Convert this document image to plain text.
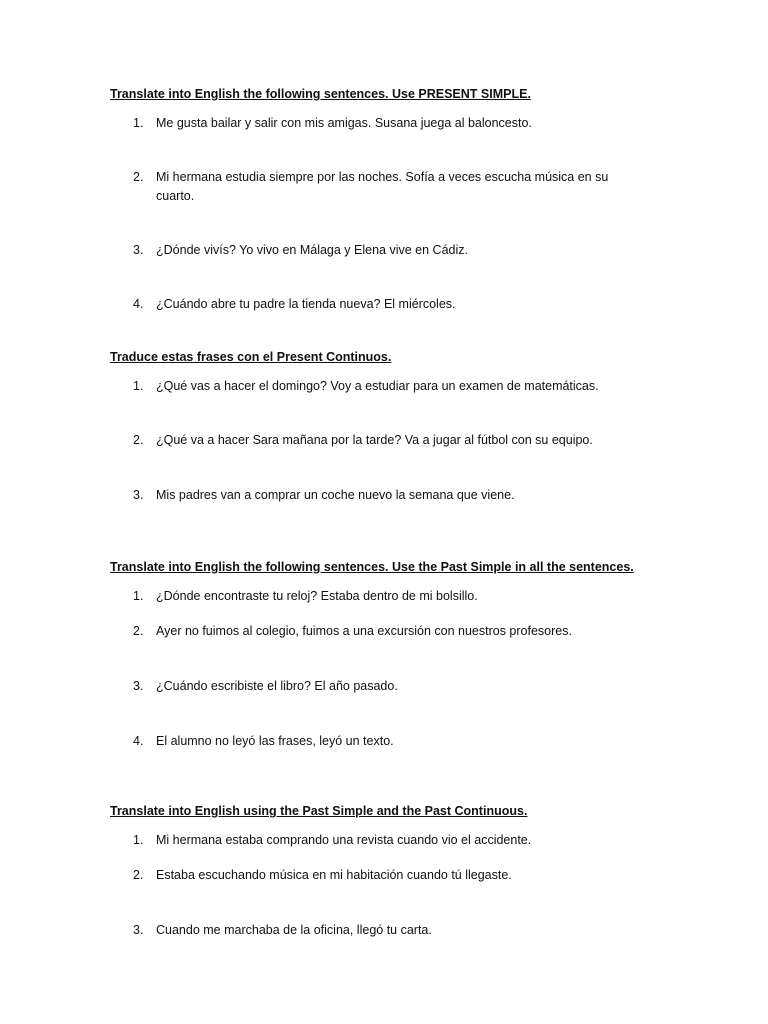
Translate into English the following sentences. Use PRESENT SIMPLE.
1.	Me gusta bailar y salir con mis amigas. Susana juega al baloncesto.
2.	Mi hermana estudia siempre por las noches. Sofía a veces escucha música en su cuarto.
3.	¿Dónde vivís? Yo vivo en Málaga y Elena vive en Cádiz.
4.	¿Cuándo abre tu padre la tienda nueva? El miércoles.
Traduce estas frases con el Present Continuos.
1.	¿Qué vas a hacer el domingo? Voy a estudiar para un examen de matemáticas.
2.	¿Qué va a hacer Sara mañana por la tarde? Va a jugar al fútbol con su equipo.
3.	Mis padres van a comprar un coche nuevo la semana que viene.
Translate into English the following sentences. Use the Past Simple in all the sentences.
1.	¿Dónde encontraste tu reloj? Estaba dentro de mi bolsillo.
2.	Ayer no fuimos al colegio, fuimos a una excursión con nuestros profesores.
3.	¿Cuándo escribiste el libro? El año pasado.
4.	El alumno no leyó las frases, leyó un texto.
Translate into English using the Past Simple and the Past Continuous.
1.	Mi hermana estaba comprando una revista cuando vio el accidente.
2.	Estaba escuchando música en mi habitación cuando tú llegaste.
3.	Cuando me marchaba de la oficina, llegó tu carta.
